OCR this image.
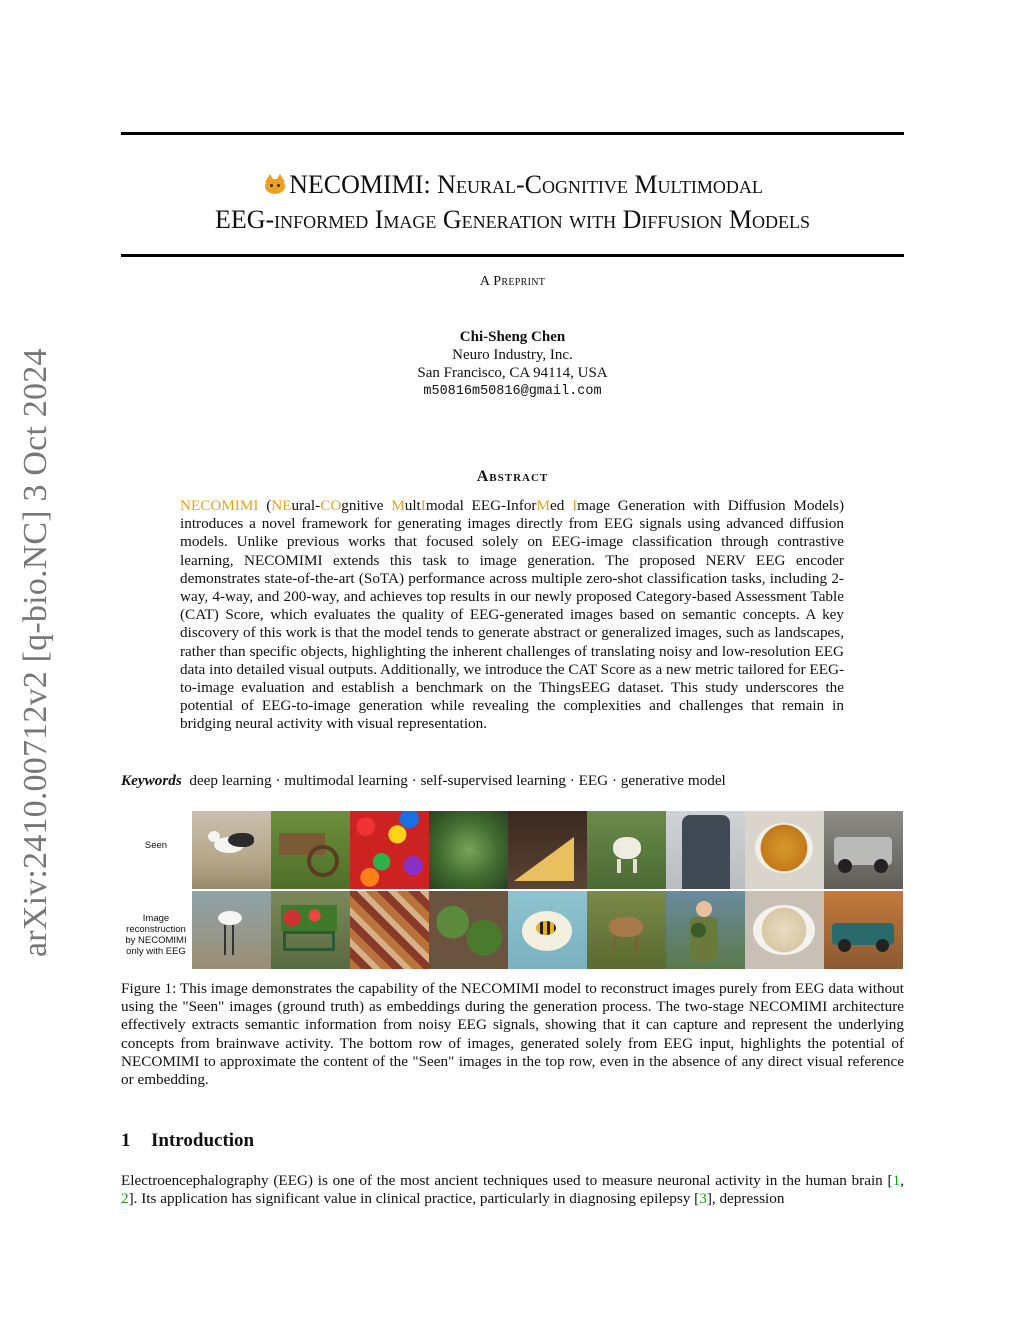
arXiv:2410.00712v2 [q-bio.NC] 3 Oct 2024
NECOMIMI: Neural-Cognitive Multimodal
EEG-informed Image Generation with Diffusion Models
A Preprint
Chi-Sheng Chen
Neuro Industry, Inc.
San Francisco, CA 94114, USA
m50816m50816@gmail.com
Abstract
NECOMIMI (NEural-COgnitive MultImodal EEG-InforMed Image Generation with Diffusion Models) introduces a novel framework for generating images directly from EEG signals using advanced diffusion models. Unlike previous works that focused solely on EEG-image classification through contrastive learning, NECOMIMI extends this task to image generation. The proposed NERV EEG encoder demonstrates state-of-the-art (SoTA) performance across multiple zero-shot classification tasks, including 2-way, 4-way, and 200-way, and achieves top results in our newly proposed Category-based Assessment Table (CAT) Score, which evaluates the quality of EEG-generated images based on semantic concepts. A key discovery of this work is that the model tends to generate abstract or generalized images, such as landscapes, rather than specific objects, highlighting the inherent challenges of translating noisy and low-resolution EEG data into detailed visual outputs. Additionally, we introduce the CAT Score as a new metric tailored for EEG-to-image evaluation and establish a benchmark on the ThingsEEG dataset. This study underscores the potential of EEG-to-image generation while revealing the complexities and challenges that remain in bridging neural activity with visual representation.
Keywords deep learning · multimodal learning · self-supervised learning · EEG · generative model
Seen
Image reconstruction by NECOMIMI only with EEG
Figure 1: This image demonstrates the capability of the NECOMIMI model to reconstruct images purely from EEG data without using the "Seen" images (ground truth) as embeddings during the generation process. The two-stage NECOMIMI architecture effectively extracts semantic information from noisy EEG signals, showing that it can capture and represent the underlying concepts from brainwave activity. The bottom row of images, generated solely from EEG input, highlights the potential of NECOMIMI to approximate the content of the "Seen" images in the top row, even in the absence of any direct visual reference or embedding.
1 Introduction
Electroencephalography (EEG) is one of the most ancient techniques used to measure neuronal activity in the human brain [1, 2]. Its application has significant value in clinical practice, particularly in diagnosing epilepsy [3], depression
